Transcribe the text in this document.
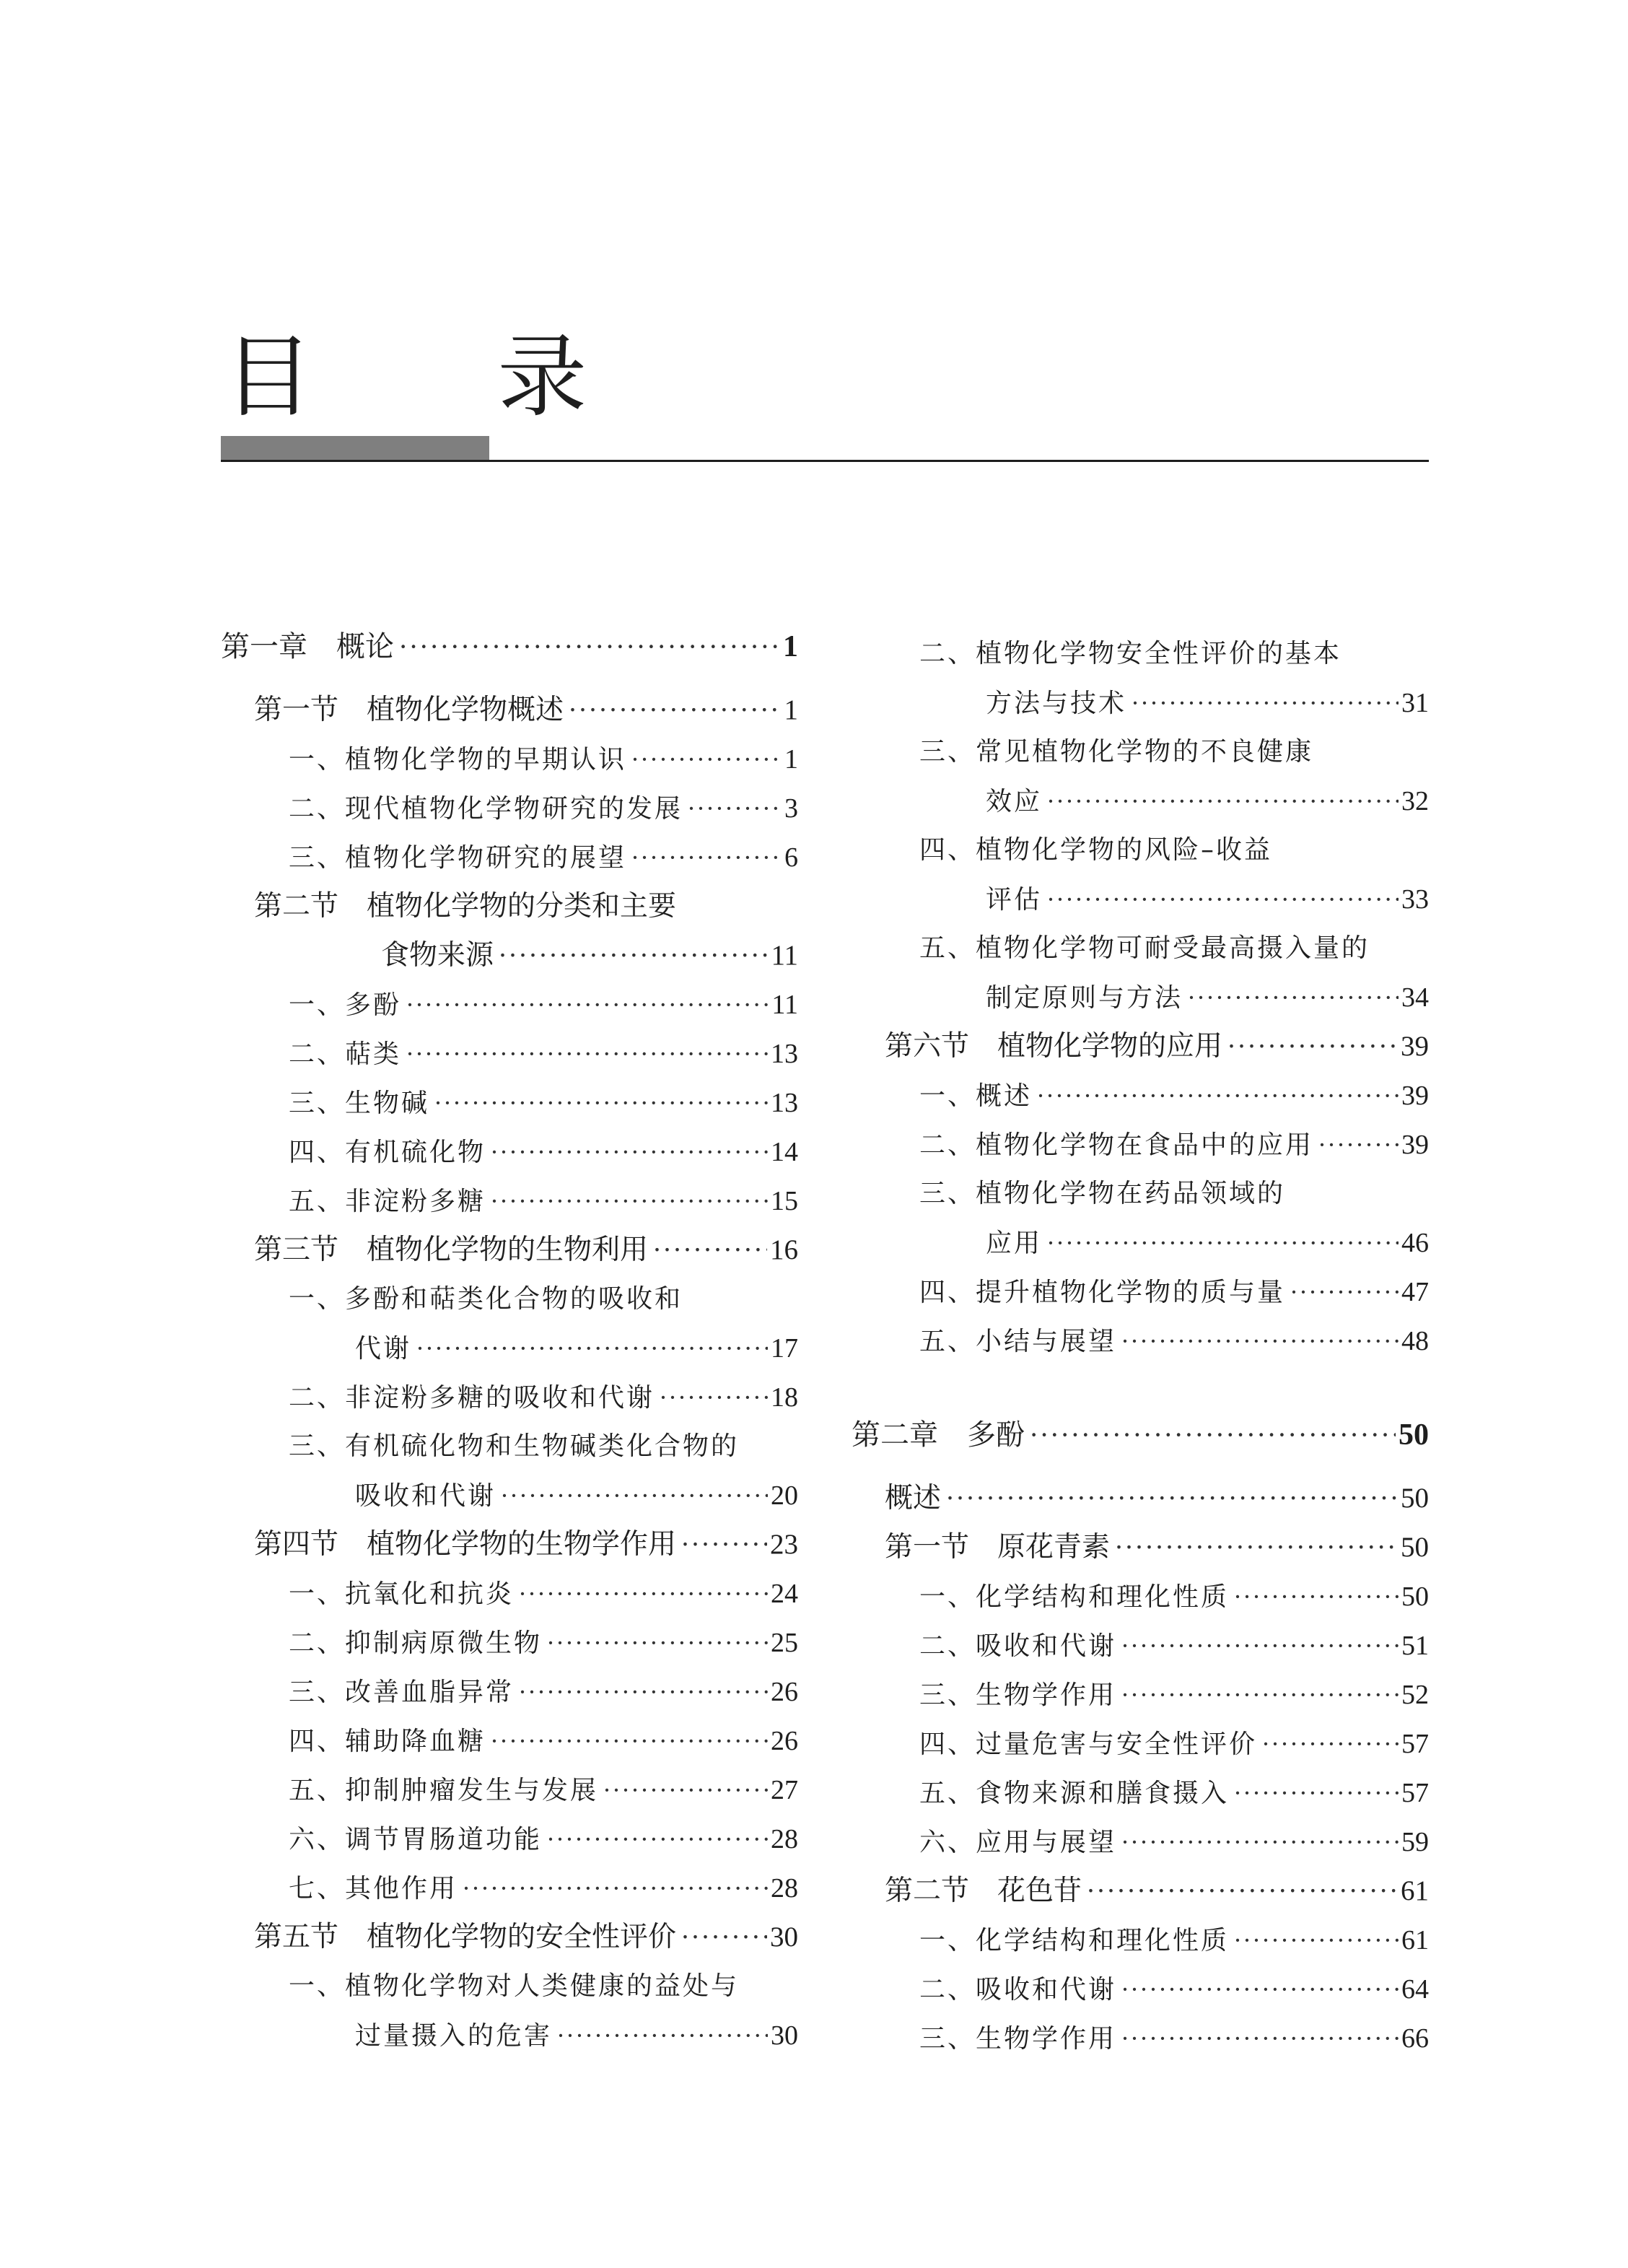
目 录
第一章　概论 ·····	1
第一节　植物化学物概述 ·····	1
一、植物化学物的早期认识 ·····	1
二、现代植物化学物研究的发展 ·····	3
三、植物化学物研究的展望 ·····	6
第二节　植物化学物的分类和主要
食物来源 ·····	11
一、多酚 ·····	11
二、萜类 ·····	13
三、生物碱 ·····	13
四、有机硫化物 ·····	14
五、非淀粉多糖 ·····	15
第三节　植物化学物的生物利用 ·····	16
一、多酚和萜类化合物的吸收和
代谢 ·····	17
二、非淀粉多糖的吸收和代谢 ·····	18
三、有机硫化物和生物碱类化合物的
吸收和代谢 ·····	20
第四节　植物化学物的生物学作用 ·····	23
一、抗氧化和抗炎 ·····	24
二、抑制病原微生物 ·····	25
三、改善血脂异常 ·····	26
四、辅助降血糖 ·····	26
五、抑制肿瘤发生与发展 ·····	27
六、调节胃肠道功能 ·····	28
七、其他作用 ·····	28
第五节　植物化学物的安全性评价 ·····	30
一、植物化学物对人类健康的益处与
过量摄入的危害 ·····	30
二、植物化学物安全性评价的基本
方法与技术 ·····	31
三、常见植物化学物的不良健康
效应 ·····	32
四、植物化学物的风险–收益
评估 ·····	33
五、植物化学物可耐受最高摄入量的
制定原则与方法 ·····	34
第六节　植物化学物的应用 ·····	39
一、概述 ·····	39
二、植物化学物在食品中的应用 ·····	39
三、植物化学物在药品领域的
应用 ·····	46
四、提升植物化学物的质与量 ·····	47
五、小结与展望 ·····	48
第二章　多酚 ·····	50
概述 ·····	50
第一节　原花青素 ·····	50
一、化学结构和理化性质 ·····	50
二、吸收和代谢 ·····	51
三、生物学作用 ·····	52
四、过量危害与安全性评价 ·····	57
五、食物来源和膳食摄入 ·····	57
六、应用与展望 ·····	59
第二节　花色苷 ·····	61
一、化学结构和理化性质 ·····	61
二、吸收和代谢 ·····	64
三、生物学作用 ·····	66
